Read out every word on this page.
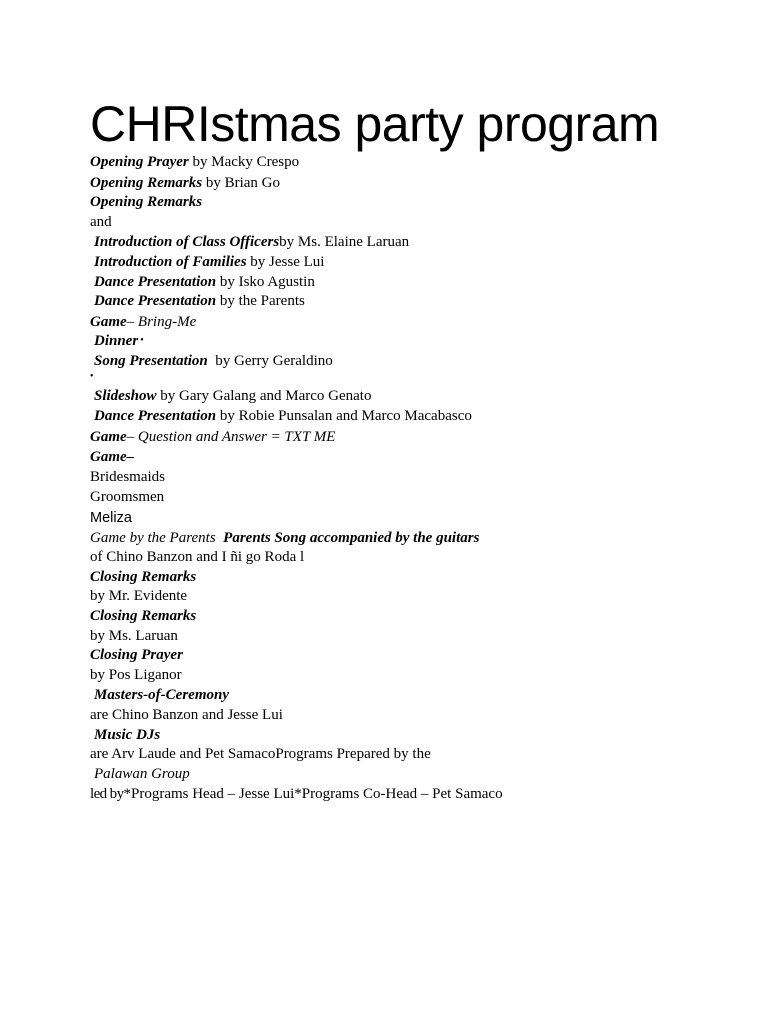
CHRIstmas party program
Opening Prayer by Macky Crespo
Opening Remarks by Brian Go
Opening Remarks
and
Introduction of Class Officersby Ms. Elaine Laruan
Introduction of Families by Jesse Lui
Dance Presentation by Isko Agustin
Dance Presentation by the Parents
Game– Bring-Me
Dinner •
Song Presentation  by Gerry Geraldino
•
Slideshow by Gary Galang and Marco Genato
Dance Presentation by Robie Punsalan and Marco Macabasco
Game– Question and Answer = TXT ME
Game–
Bridesmaids
Groomsmen
Meliza
Game by the Parents  Parents Song accompanied by the guitars
of Chino Banzon and I ñi go Roda l
Closing Remarks
by Mr. Evidente
Closing Remarks
by Ms. Laruan
Closing Prayer
by Pos Liganor
Masters-of-Ceremony
are Chino Banzon and Jesse Lui
Music DJs
are Arv Laude and Pet SamacoPrograms Prepared by the
Palawan Group
led by*Programs Head – Jesse Lui*Programs Co-Head – Pet Samaco
